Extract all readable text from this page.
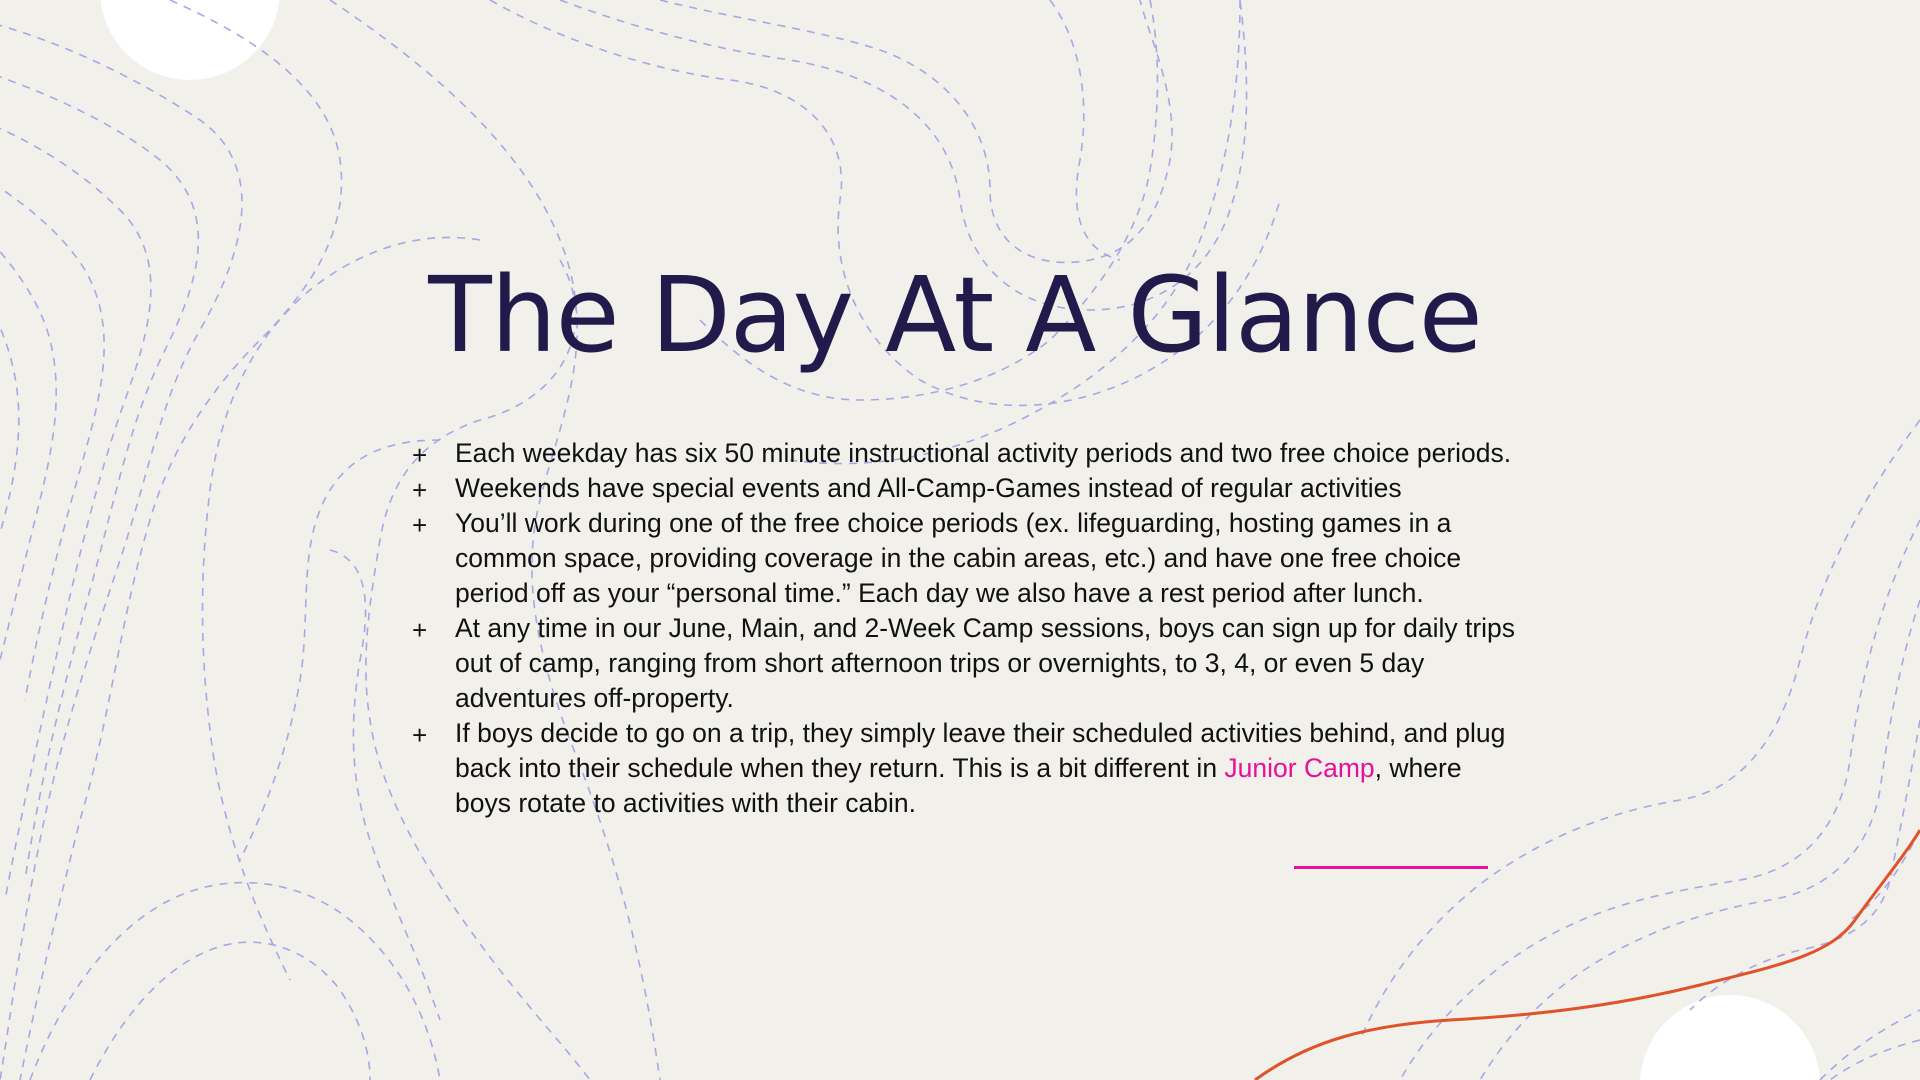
The Day At A Glance
+ Each weekday has six 50 minute instructional activity periods and two free choice periods.
+ Weekends have special events and All-Camp-Games instead of regular activities
+ You’ll work during one of the free choice periods (ex. lifeguarding, hosting games in a common space, providing coverage in the cabin areas, etc.) and have one free choice period off as your “personal time.” Each day we also have a rest period after lunch.
+ At any time in our June, Main, and 2-Week Camp sessions, boys can sign up for daily trips out of camp, ranging from short afternoon trips or overnights, to 3, 4, or even 5 day adventures off-property.
+ If boys decide to go on a trip, they simply leave their scheduled activities behind, and plug back into their schedule when they return. This is a bit different in Junior Camp, where boys rotate to activities with their cabin.
